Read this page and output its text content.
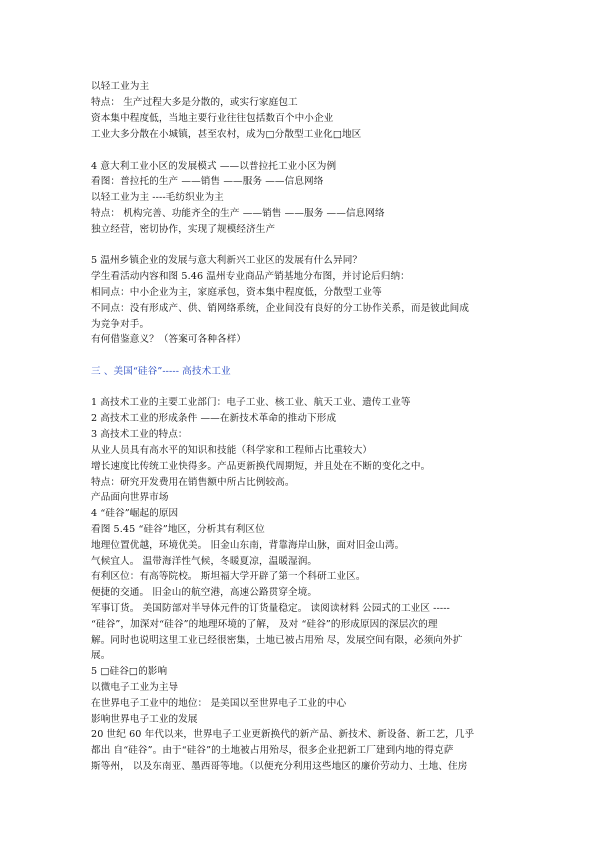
以轻工业为主
特点： 生产过程大多是分散的，或实行家庭包工
资本集中程度低，当地主要行业往往包括数百个中小企业
工业大多分散在小城镇，甚至农村，成为□分散型工业化□地区
4 意大利工业小区的发展模式 ——以普拉托工业小区为例
看图：普拉托的生产 ——销售 ——服务 ——信息网络
以轻工业为主 ----毛纺织业为主
特点： 机构完善、功能齐全的生产 ——销售 ——服务 ——信息网络
独立经营，密切协作，实现了规模经济生产
5 温州乡镇企业的发展与意大利新兴工业区的发展有什么异同？
学生看活动内容和图 5.46 温州专业商品产销基地分布图，并讨论后归纳：
相同点：中小企业为主，家庭承包，资本集中程度低，分散型工业等
不同点：没有形成产、供、销网络系统，企业间没有良好的分工协作关系，而是彼此间成
为竞争对手。
有何借鉴意义？（答案可各种各样）
三 、美国“硅谷”----- 高技术工业
1 高技术工业的主要工业部门：电子工业、核工业、航天工业、遗传工业等
2 高技术工业的形成条件 ——在新技术革命的推动下形成
3 高技术工业的特点：
从业人员具有高水平的知识和技能（科学家和工程师占比重较大）
增长速度比传统工业快得多。产品更新换代周期短，并且处在不断的变化之中。
特点：研究开发费用在销售额中所占比例较高。
产品面向世界市场
4 “硅谷”崛起的原因
看图 5.45 “硅谷”地区，分析其有利区位
地理位置优越，环境优美。 旧金山东南，背靠海岸山脉，面对旧金山湾。
气候宜人。 温带海洋性气候，冬暖夏凉，温暖湿润。
有利区位：有高等院校。 斯坦福大学开辟了第一个科研工业区。
便捷的交通。 旧金山的航空港，高速公路贯穿全境。
军事订货。 美国防部对半导体元件的订货量稳定。 读阅读材料 公园式的工业区 -----
“硅谷”，加深对“硅谷”的地理环境的了解， 及对 “硅谷”的形成原因的深层次的理
解。同时也说明这里工业已经很密集，土地已被占用殆 尽，发展空间有限，必须向外扩
展。
5 □硅谷□的影响
以微电子工业为主导
在世界电子工业中的地位： 是美国以至世界电子工业的中心
影响世界电子工业的发展
20 世纪 60 年代以来，世界电子工业更新换代的新产品、新技术、新设备、新工艺，几乎
都出 自“硅谷”。由于“硅谷”的土地被占用殆尽，很多企业把新工厂建到内地的得克萨
斯等州， 以及东南亚、墨西哥等地。（以便充分利用这些地区的廉价劳动力、土地、住房
